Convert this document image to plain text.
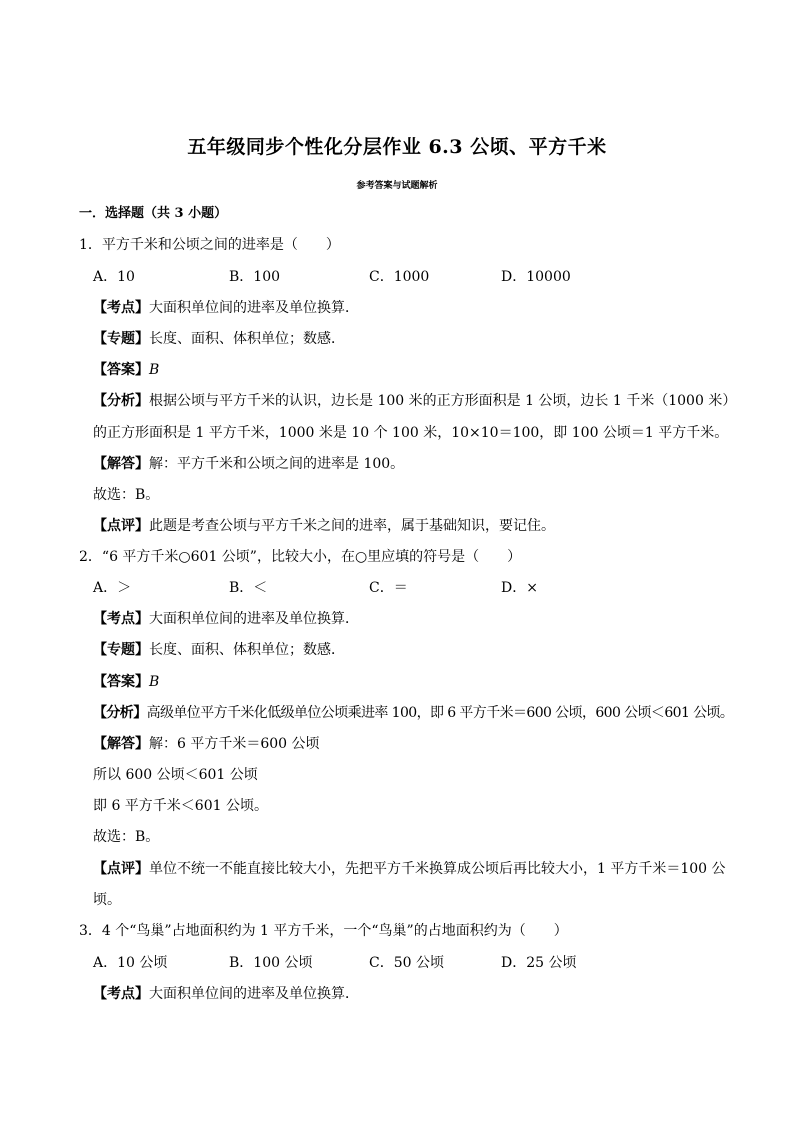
五年级同步个性化分层作业 6.3 公顷、平方千米
参考答案与试题解析
一．选择题（共 3 小题）
1．平方千米和公顷之间的进率是（　　）
A．10	B．100	C．1000	D．10000
【考点】大面积单位间的进率及单位换算．
【专题】长度、面积、体积单位；数感．
【答案】B
【分析】根据公顷与平方千米的认识，边长是 100 米的正方形面积是 1 公顷，边长 1 千米（1000 米）
的正方形面积是 1 平方千米，1000 米是 10 个 100 米，10×10＝100，即 100 公顷＝1 平方千米。
【解答】解：平方千米和公顷之间的进率是 100。
故选：B。
【点评】此题是考查公顷与平方千米之间的进率，属于基础知识，要记住。
2．“6 平方千米○601 公顷”，比较大小，在○里应填的符号是（　　）
A．＞	B．＜	C．＝	D．×
【考点】大面积单位间的进率及单位换算．
【专题】长度、面积、体积单位；数感．
【答案】B
【分析】高级单位平方千米化低级单位公顷乘进率 100，即 6 平方千米＝600 公顷，600 公顷＜601 公顷。
【解答】解：6 平方千米＝600 公顷
所以 600 公顷＜601 公顷
即 6 平方千米＜601 公顷。
故选：B。
【点评】单位不统一不能直接比较大小，先把平方千米换算成公顷后再比较大小，1 平方千米＝100 公
顷。
3．4 个“鸟巢”占地面积约为 1 平方千米，一个“鸟巢”的占地面积约为（　　）
A．10 公顷	B．100 公顷	C．50 公顷	D．25 公顷
【考点】大面积单位间的进率及单位换算．
